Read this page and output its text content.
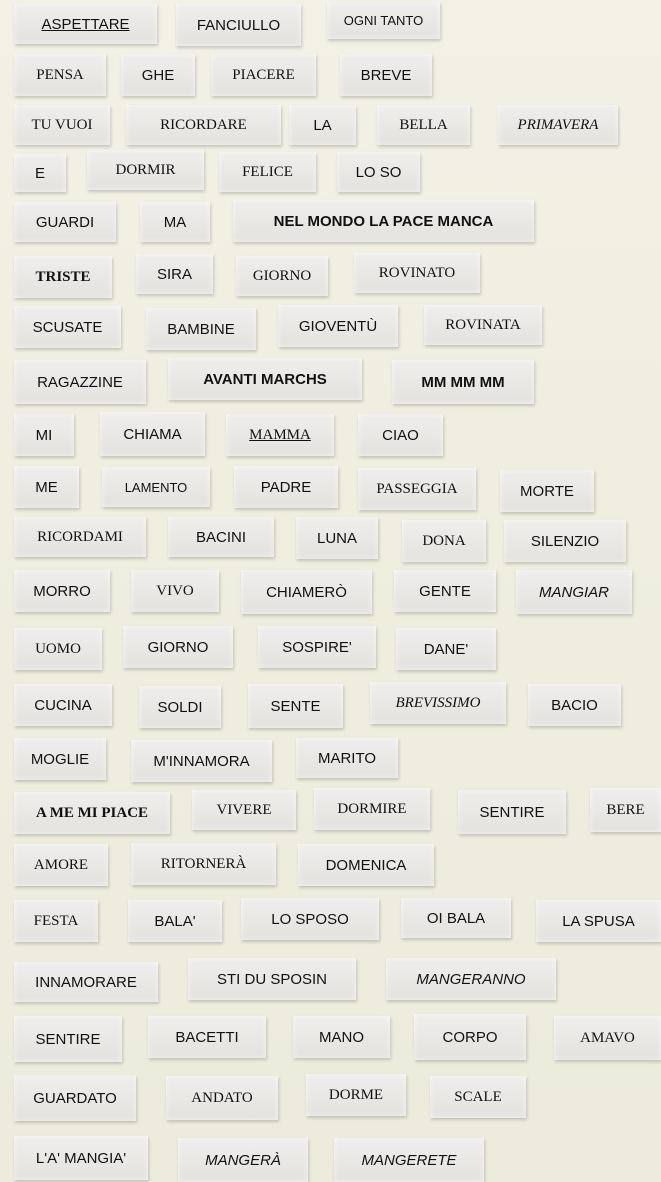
ASPETTARE	FANCIULLO	OGNI TANTO
PENSA	GHE	PIACERE	BREVE
TU VUOI	RICORDARE	LA	BELLA	PRIMAVERA
E	DORMIR	FELICE	LO SO
GUARDI	MA	NEL MONDO LA PACE MANCA
TRISTE	SIRA	GIORNO	ROVINATO
SCUSATE	BAMBINE	GIOVENTÙ	ROVINATA
RAGAZZINE	AVANTI MARCHS	MM MM MM
MI	CHIAMA	MAMMA	CIAO
ME	LAMENTO	PADRE	PASSEGGIA	MORTE
RICORDAMI	BACINI	LUNA	DONA	SILENZIO
MORRO	VIVO	CHIAMERÒ	GENTE	MANGIAR
UOMO	GIORNO	SOSPIRE'	DANE'
CUCINA	SOLDI	SENTE	BREVISSIMO	BACIO
MOGLIE	M'INNAMORA	MARITO
A ME MI PIACE	VIVERE	DORMIRE	SENTIRE	BERE
AMORE	RITORNERÀ	DOMENICA
FESTA	BALA'	LO SPOSO	OI BALA	LA SPUSA
INNAMORARE	STI DU SPOSIN	MANGERANNO
SENTIRE	BACETTI	MANO	CORPO	AMAVO
GUARDATO	ANDATO	DORME	SCALE
L'A' MANGIA'	MANGERÀ	MANGERETE
